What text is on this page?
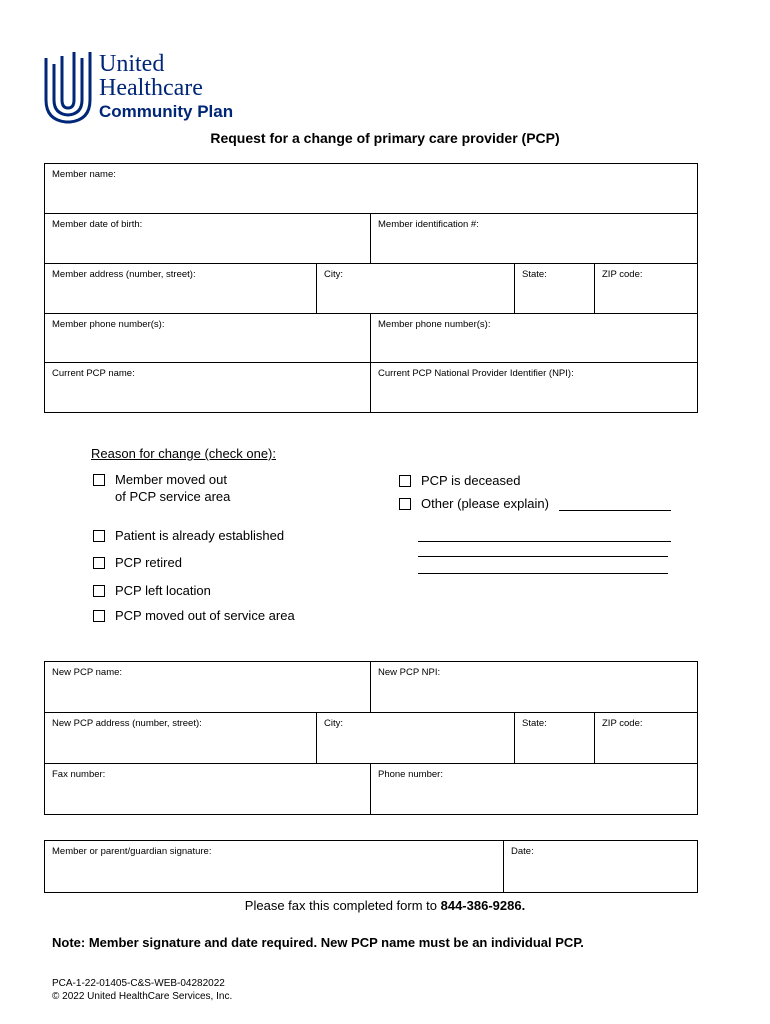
United
Healthcare
Community Plan
Request for a change of primary care provider (PCP)
Member name:
Member date of birth:	Member identification #:
Member address (number, street):	City:	State:	ZIP code:
Member phone number(s):	Member phone number(s):
Current PCP name:	Current PCP National Provider Identifier (NPI):
Reason for change (check one):
Member moved out
of PCP service area
Patient is already established
PCP retired
PCP left location
PCP moved out of service area
PCP is deceased
Other (please explain)
New PCP name:	New PCP NPI:
New PCP address (number, street):	City:	State:	ZIP code:
Fax number:	Phone number:
Member or parent/guardian signature:	Date:
Please fax this completed form to 844-386-9286.
Note: Member signature and date required. New PCP name must be an individual PCP.
PCA-1-22-01405-C&S-WEB-04282022
© 2022 United HealthCare Services, Inc.
